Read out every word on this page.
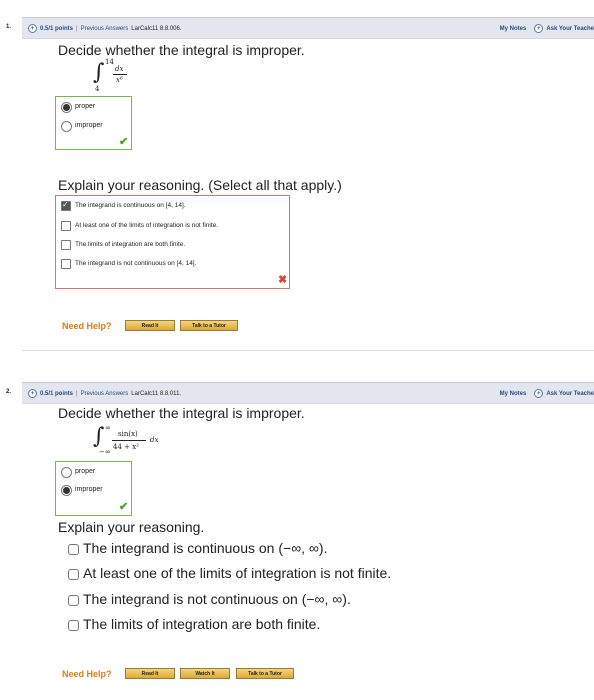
1.	+ 0.5/1 points | Previous Answers LarCalc11 8.8.006.	My Notes	+ Ask Your Teache
Decide whether the integral is improper.
∫ 14
4
dx
x⁶
proper
improper
✔
Explain your reasoning. (Select all that apply.)
✓
The integrand is continuous on [4, 14].
At least one of the limits of integration is not finite.
The limits of integration are both finite.
The integrand is not continuous on [4, 14].
✖
Need Help?	Read It	Talk to a Tutor
2.	+ 0.5/1 points | Previous Answers LarCalc11 8.8.011.	My Notes	+ Ask Your Teache
Decide whether the integral is improper.
∫ ∞
−∞
sin(x)
44 + x²
dx
proper
improper
✔
Explain your reasoning.
The integrand is continuous on (−∞, ∞).
At least one of the limits of integration is not finite.
The integrand is not continuous on (−∞, ∞).
The limits of integration are both finite.
Need Help?	Read It	Watch It	Talk to a Tutor
